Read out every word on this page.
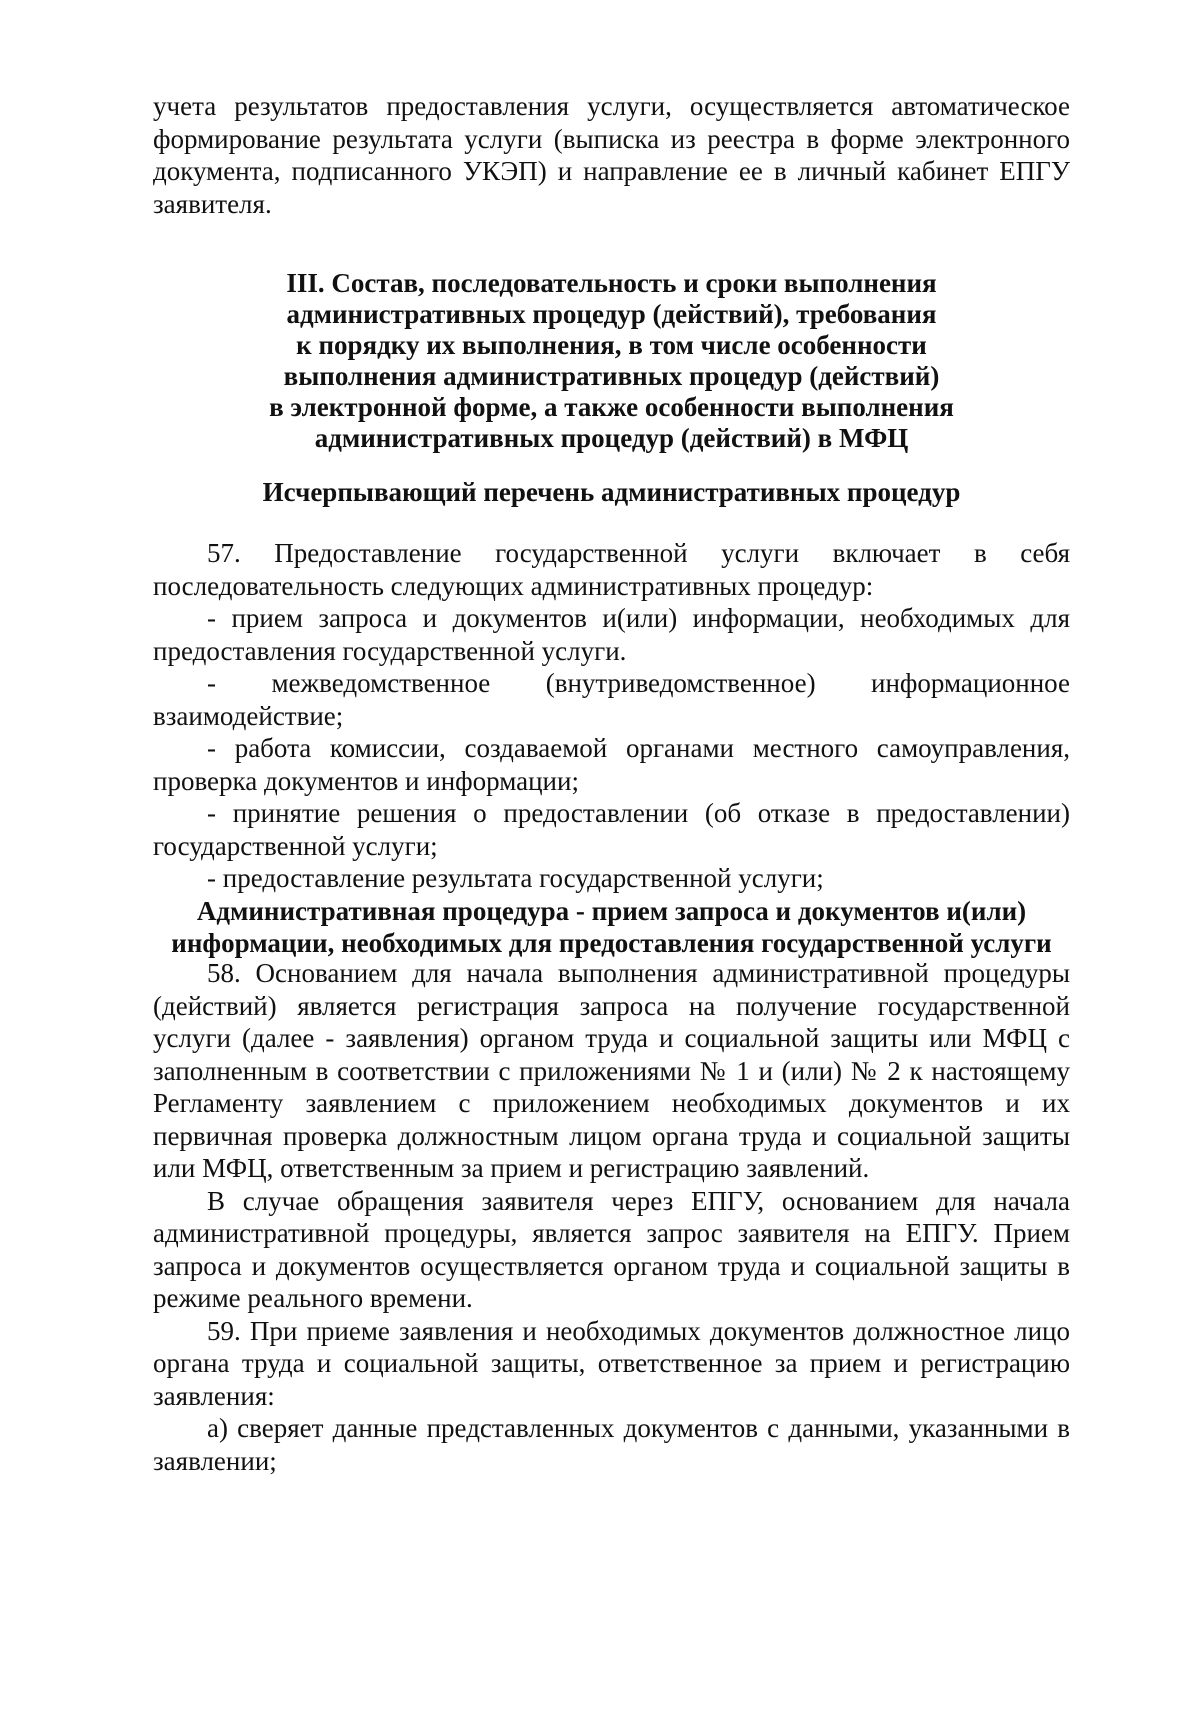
учета результатов предоставления услуги, осуществляется автоматическое формирование результата услуги (выписка из реестра в форме электронного документа, подписанного УКЭП) и направление ее в личный кабинет ЕПГУ заявителя.

III. Состав, последовательность и сроки выполнения
административных процедур (действий), требования
к порядку их выполнения, в том числе особенности
выполнения административных процедур (действий)
в электронной форме, а также особенности выполнения
административных процедур (действий) в МФЦ
Исчерпывающий перечень административных процедур

57. Предоставление государственной услуги включает в себя последовательность следующих административных процедур:

- прием запроса и документов и(или) информации, необходимых для предоставления государственной услуги.

- межведомственное (внутриведомственное) информационное

взаимодействие;

- работа комиссии, создаваемой органами местного самоуправления, проверка документов и информации;

- принятие решения о предоставлении (об отказе в предоставлении) государственной услуги;

- предоставление результата государственной услуги;

Административная процедура - прием запроса и документов и(или)
информации, необходимых для предоставления государственной услуги

58. Основанием для начала выполнения административной процедуры (действий) является регистрация запроса на получение государственной услуги (далее - заявления) органом труда и социальной защиты или МФЦ с заполненным в соответствии с приложениями № 1 и (или) № 2 к настоящему Регламенту заявлением с приложением необходимых документов и их первичная проверка должностным лицом органа труда и социальной защиты или МФЦ, ответственным за прием и регистрацию заявлений.

В случае обращения заявителя через ЕПГУ, основанием для начала административной процедуры, является запрос заявителя на ЕПГУ. Прием запроса и документов осуществляется органом труда и социальной защиты в режиме реального времени.

59. При приеме заявления и необходимых документов должностное лицо органа труда и социальной защиты, ответственное за прием и регистрацию заявления:

а) сверяет данные представленных документов с данными, указанными в заявлении;
